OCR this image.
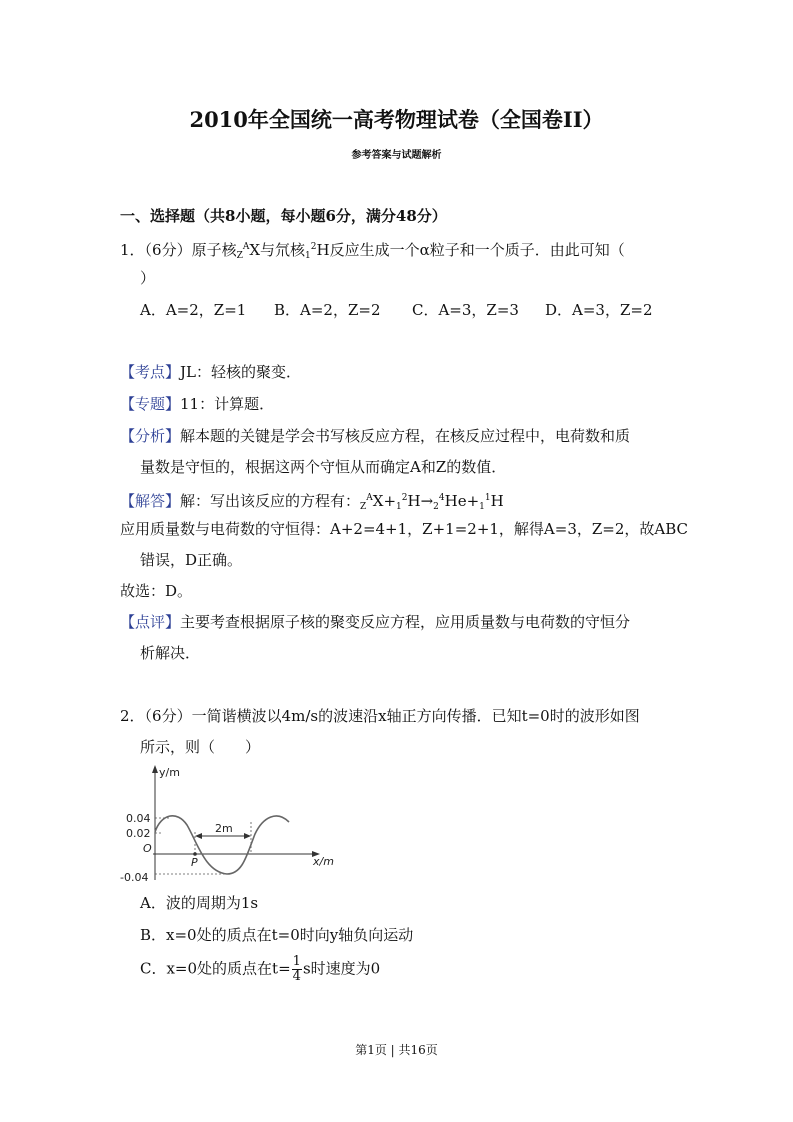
2010年全国统一高考物理试卷（全国卷II）
参考答案与试题解析
一、选择题（共8小题，每小题6分，满分48分）
1．（6分）原子核$_Z^A$X与氘核$_1^2$H反应生成一个α粒子和一个质子．由此可知（
）
A．A=2，Z=1 B．A=2，Z=2 C．A=3，Z=3 D．A=3，Z=2
【考点】JL：轻核的聚变．
【专题】11：计算题．
【分析】解本题的关键是学会书写核反应方程，在核反应过程中，电荷数和质
量数是守恒的，根据这两个守恒从而确定A和Z的数值．
【解答】解：写出该反应的方程有：$_Z^AX+_1^2H\to_2^4He+_1^1H$
应用质量数与电荷数的守恒得：A+2=4+1，Z+1=2+1，解得A=3，Z=2，故ABC
错误，D正确。
故选：D。
【点评】主要考查根据原子核的聚变反应方程，应用质量数与电荷数的守恒分
析解决．
2．（6分）一简谐横波以4m/s的波速沿x轴正方向传播．已知t=0时的波形如图
所示，则（　　）
y/m
x/m
0.04
0.02
-0.04
O
P
2m
A．波的周期为1s
B．x=0处的质点在t=0时向y轴负向运动
C．x=0处的质点在$t= \frac{1}{4}$ s时速度为0
第1页 | 共16页
